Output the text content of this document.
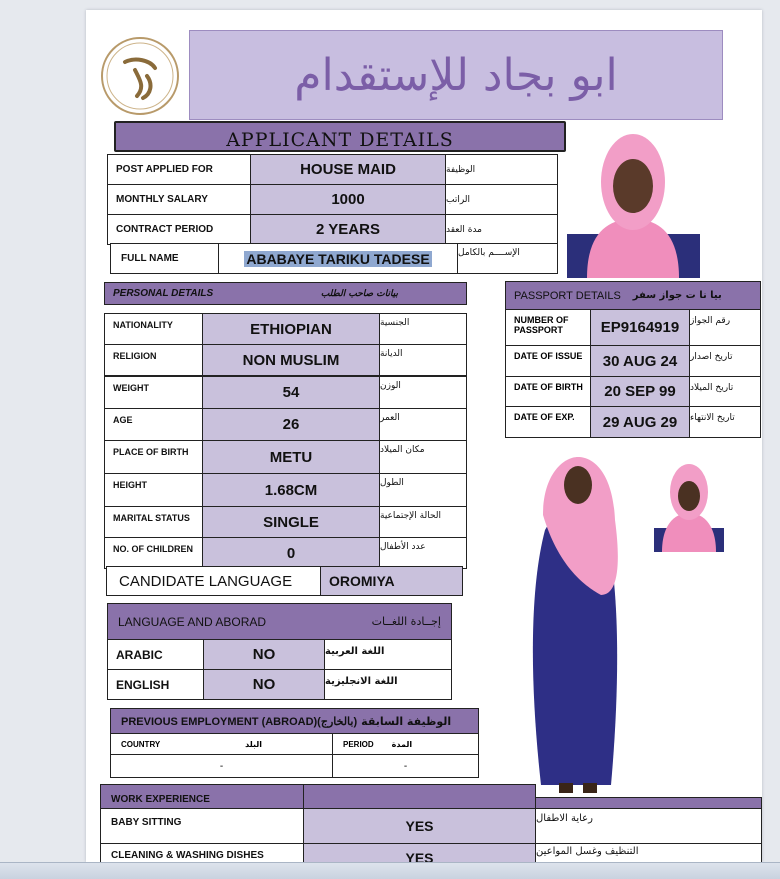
ابو بجاد للإستقدام
APPLICANT DETAILS
POST APPLIED FOR	HOUSE MAID	الوظيفة
MONTHLY SALARY	1000	الراتب
CONTRACT PERIOD	2 YEARS	مدة العقد
FULL NAME	ABABAYE TARIKU TADESE	الإســــم بالكامل
PERSONAL DETAILS	بيانات صاحب الطلب
NATIONALITY	ETHIOPIAN	الجنسية
RELIGION	NON MUSLIM	الديانة
WEIGHT	54	الوزن
AGE	26	العمر
PLACE OF BIRTH	METU	مكان الميلاد
HEIGHT	1.68CM	الطول
MARITAL STATUS	SINGLE	الحالة الإجتماعية
NO. OF CHILDREN	0	عدد الأطفال
PASSPORT DETAILS بيا نا ت جواز سفر
NUMBER OF
PASSPORT	EP9164919	رقم الجواز
DATE OF ISSUE	30 AUG 24	تاريخ اصدار
DATE OF BIRTH	20 SEP 99	تاريخ الميلاد
DATE OF EXP.	29 AUG 29	تاريخ الانتهاء
CANDIDATE LANGUAGE	OROMIYA
LANGUAGE AND ABORAD	إجــادة اللغــات
ARABIC	NO	اللغة العربية
ENGLISH	NO	اللغة الانجليزية
PREVIOUS EMPLOYMENT (ABROAD)(بالخارج) الوظيفة السابقة
COUNTRY	البلد	PERIOD المدة
-	-
WORK EXPERIENCE
BABY SITTING	YES	رعاية الاطفال
CLEANING & WASHING DISHES	YES	التنظيف وغسل المواعين
